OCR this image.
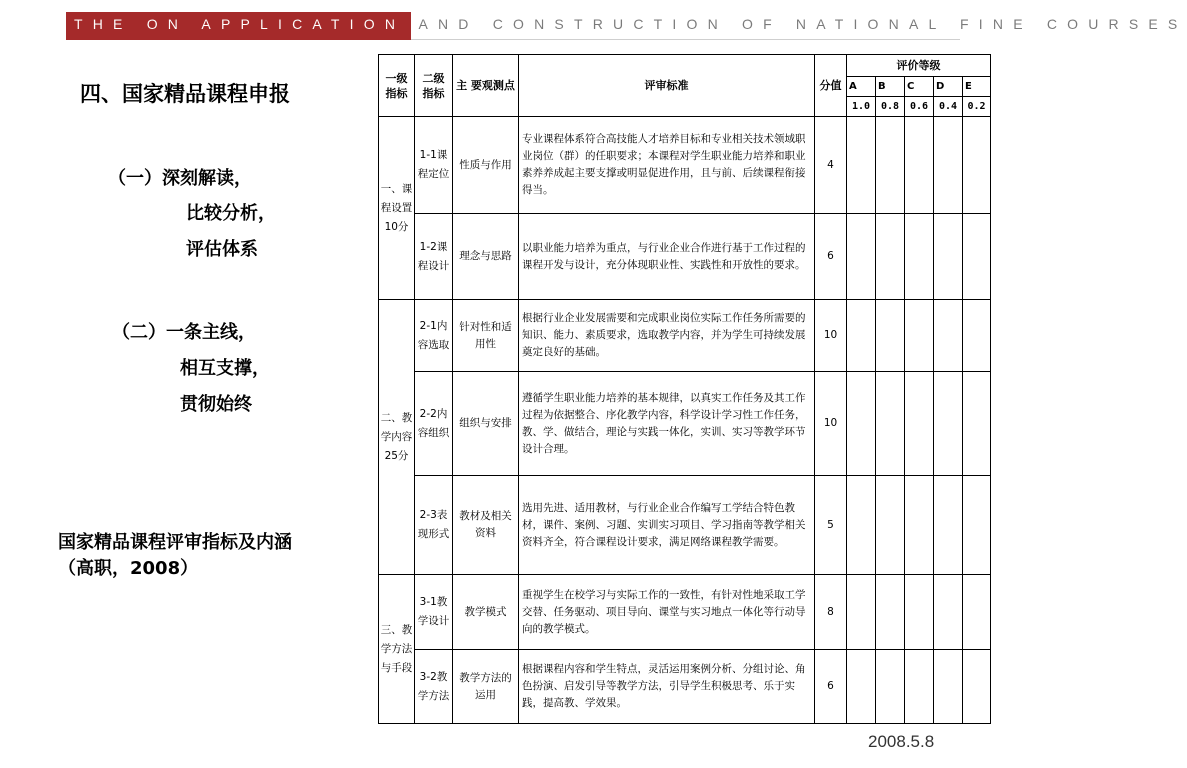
THE ON APPLICATION AND CONSTRUCTION OF NATIONAL FINE COURSES
四、国家精品课程申报
（一）深刻解读，
比较分析，
评估体系
（二）一条主线，
相互支撑，
贯彻始终
国家精品课程评审指标及内涵
（高职，2008）
一级指标	二级指标	主 要观测点	评审标准	分值	评价等级				
					A	B	C	D	E
					1.0	0.8	0.6	0.4	0.2
一、课程设置10分	1-1课程定位	性质与作用	专业课程体系符合高技能人才培养目标和专业相关技术领域职业岗位（群）的任职要求；本课程对学生职业能力培养和职业素养养成起主要支撑或明显促进作用，且与前、后续课程衔接得当。	4					
	1-2课程设计	理念与思路	以职业能力培养为重点，与行业企业合作进行基于工作过程的课程开发与设计，充分体现职业性、实践性和开放性的要求。	6					
二、教学内容25分	2-1内容选取	针对性和适用性	根据行业企业发展需要和完成职业岗位实际工作任务所需要的知识、能力、素质要求，选取教学内容，并为学生可持续发展奠定良好的基础。	10					
	2-2内容组织	组织与安排	遵循学生职业能力培养的基本规律，以真实工作任务及其工作过程为依据整合、序化教学内容，科学设计学习性工作任务，教、学、做结合，理论与实践一体化，实训、实习等教学环节设计合理。	10					
	2-3表现形式	教材及相关资料	选用先进、适用教材，与行业企业合作编写工学结合特色教材，课件、案例、习题、实训实习项目、学习指南等教学相关资料齐全，符合课程设计要求，满足网络课程教学需要。	5					
三、教学方法与手段	3-1教学设计	教学模式	重视学生在校学习与实际工作的一致性，有针对性地采取工学交替、任务驱动、项目导向、课堂与实习地点一体化等行动导向的教学模式。	8					
	3-2教学方法	教学方法的运用	根据课程内容和学生特点，灵活运用案例分析、分组讨论、角色扮演、启发引导等教学方法，引导学生积极思考、乐于实践，提高教、学效果。	6					
2008.5.8
